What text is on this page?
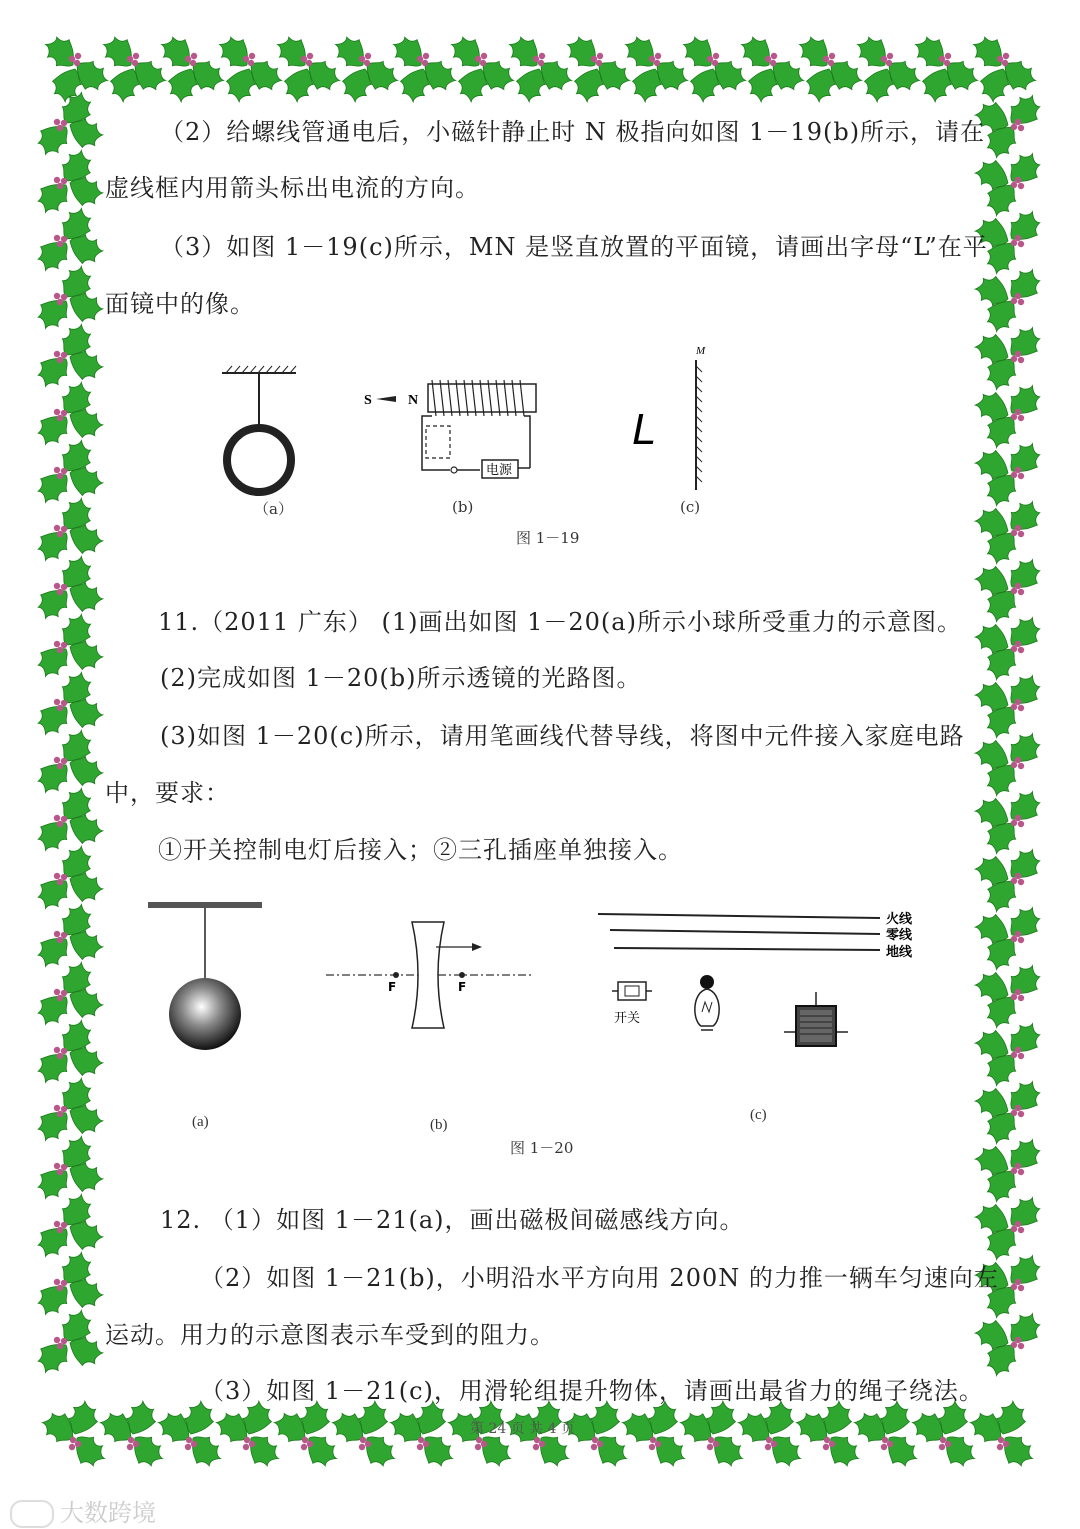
（2）给螺线管通电后，小磁针静止时 N 极指向如图 1－19(b)所示，请在
虚线框内用箭头标出电流的方向。
（3）如图 1－19(c)所示，MN 是竖直放置的平面镜，请画出字母“L”在平
面镜中的像。
S	N
电源
L
M
（a）	(b)	(c)
图 1－19
11.（2011 广东） (1)画出如图 1－20(a)所示小球所受重力的示意图。
(2)完成如图 1－20(b)所示透镜的光路图。
(3)如图 1－20(c)所示，请用笔画线代替导线，将图中元件接入家庭电路
中，要求：
①开关控制电灯后接入；②三孔插座单独接入。
F	F
火线
零线
地线
开关
(a)	(b)
(c)
图 1－20
12. （1）如图 1－21(a)，画出磁极间磁感线方向。
（2）如图 1－21(b)，小明沿水平方向用 200N 的力推一辆车匀速向左
运动。用力的示意图表示车受到的阻力。
（3）如图 1－21(c)，用滑轮组提升物体，请画出最省力的绳子绕法。
第 24 页 共 4 页
大数跨境
